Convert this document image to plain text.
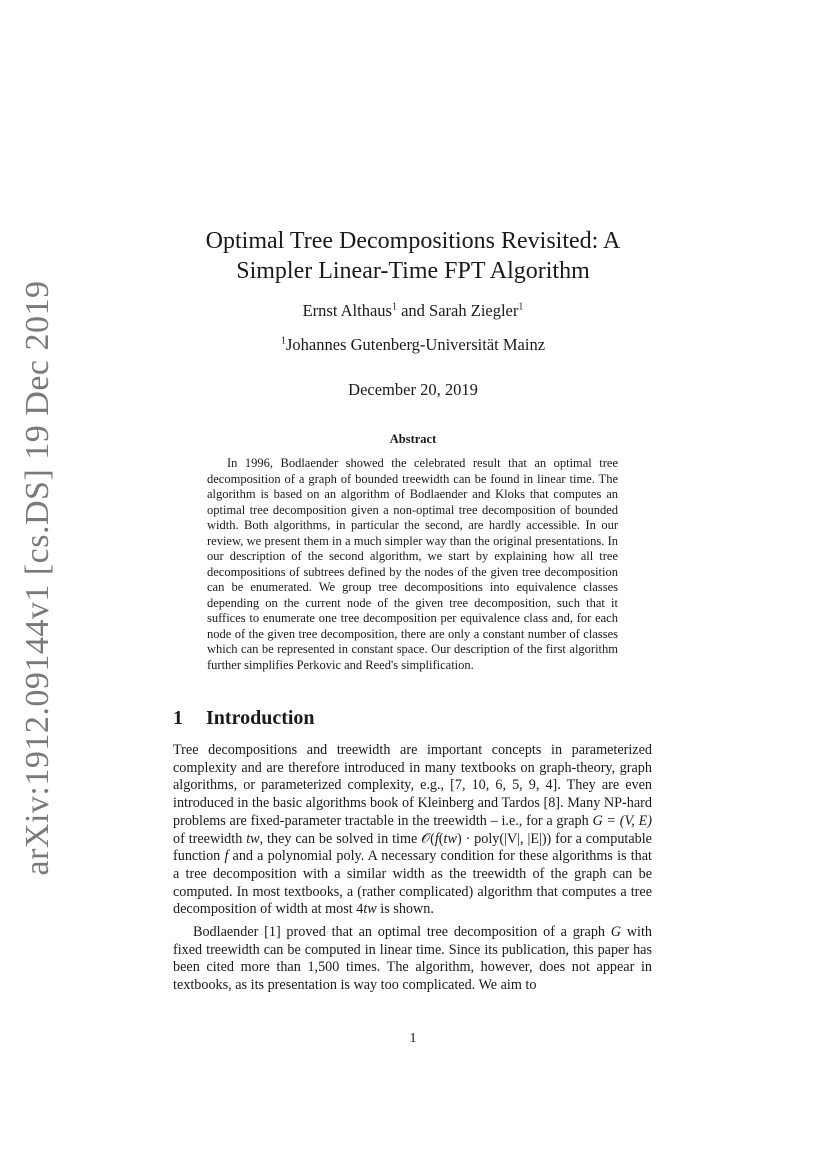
arXiv:1912.09144v1 [cs.DS] 19 Dec 2019
Optimal Tree Decompositions Revisited: A
Simpler Linear-Time FPT Algorithm
Ernst Althaus$^1$ and Sarah Ziegler$^1$
$^1$Johannes Gutenberg-Universität Mainz
December 20, 2019
Abstract

In 1996, Bodlaender showed the celebrated result that an optimal tree decomposition of a graph of bounded treewidth can be found in linear time. The algorithm is based on an algorithm of Bodlaender and Kloks that computes an optimal tree decomposition given a non-optimal tree decomposition of bounded width. Both algorithms, in particular the second, are hardly accessible. In our review, we present them in a much simpler way than the original presentations. In our description of the second algorithm, we start by explaining how all tree decompositions of subtrees defined by the nodes of the given tree decomposition can be enumerated. We group tree decompositions into equivalence classes depending on the current node of the given tree decomposition, such that it suffices to enumerate one tree decomposition per equivalence class and, for each node of the given tree decomposition, there are only a constant number of classes which can be represented in constant space. Our description of the first algorithm further simplifies Perkovic and Reed's simplification.

1 Introduction

Tree decompositions and treewidth are important concepts in parameterized complexity and are therefore introduced in many textbooks on graph-theory, graph algorithms, or parameterized complexity, e.g., [7, 10, 6, 5, 9, 4]. They are even introduced in the basic algorithms book of Kleinberg and Tardos [8]. Many NP-hard problems are fixed-parameter tractable in the treewidth – i.e., for a graph G = (V, E) of treewidth tw, they can be solved in time 𝒪(f(tw) · poly(|V|, |E|)) for a computable function f and a polynomial poly. A necessary condition for these algorithms is that a tree decomposition with a similar width as the treewidth of the graph can be computed. In most textbooks, a (rather complicated) algorithm that computes a tree decomposition of width at most 4tw is shown.

Bodlaender [1] proved that an optimal tree decomposition of a graph G with fixed treewidth can be computed in linear time. Since its publication, this paper has been cited more than 1,500 times. The algorithm, however, does not appear in textbooks, as its presentation is way too complicated. We aim to

1
